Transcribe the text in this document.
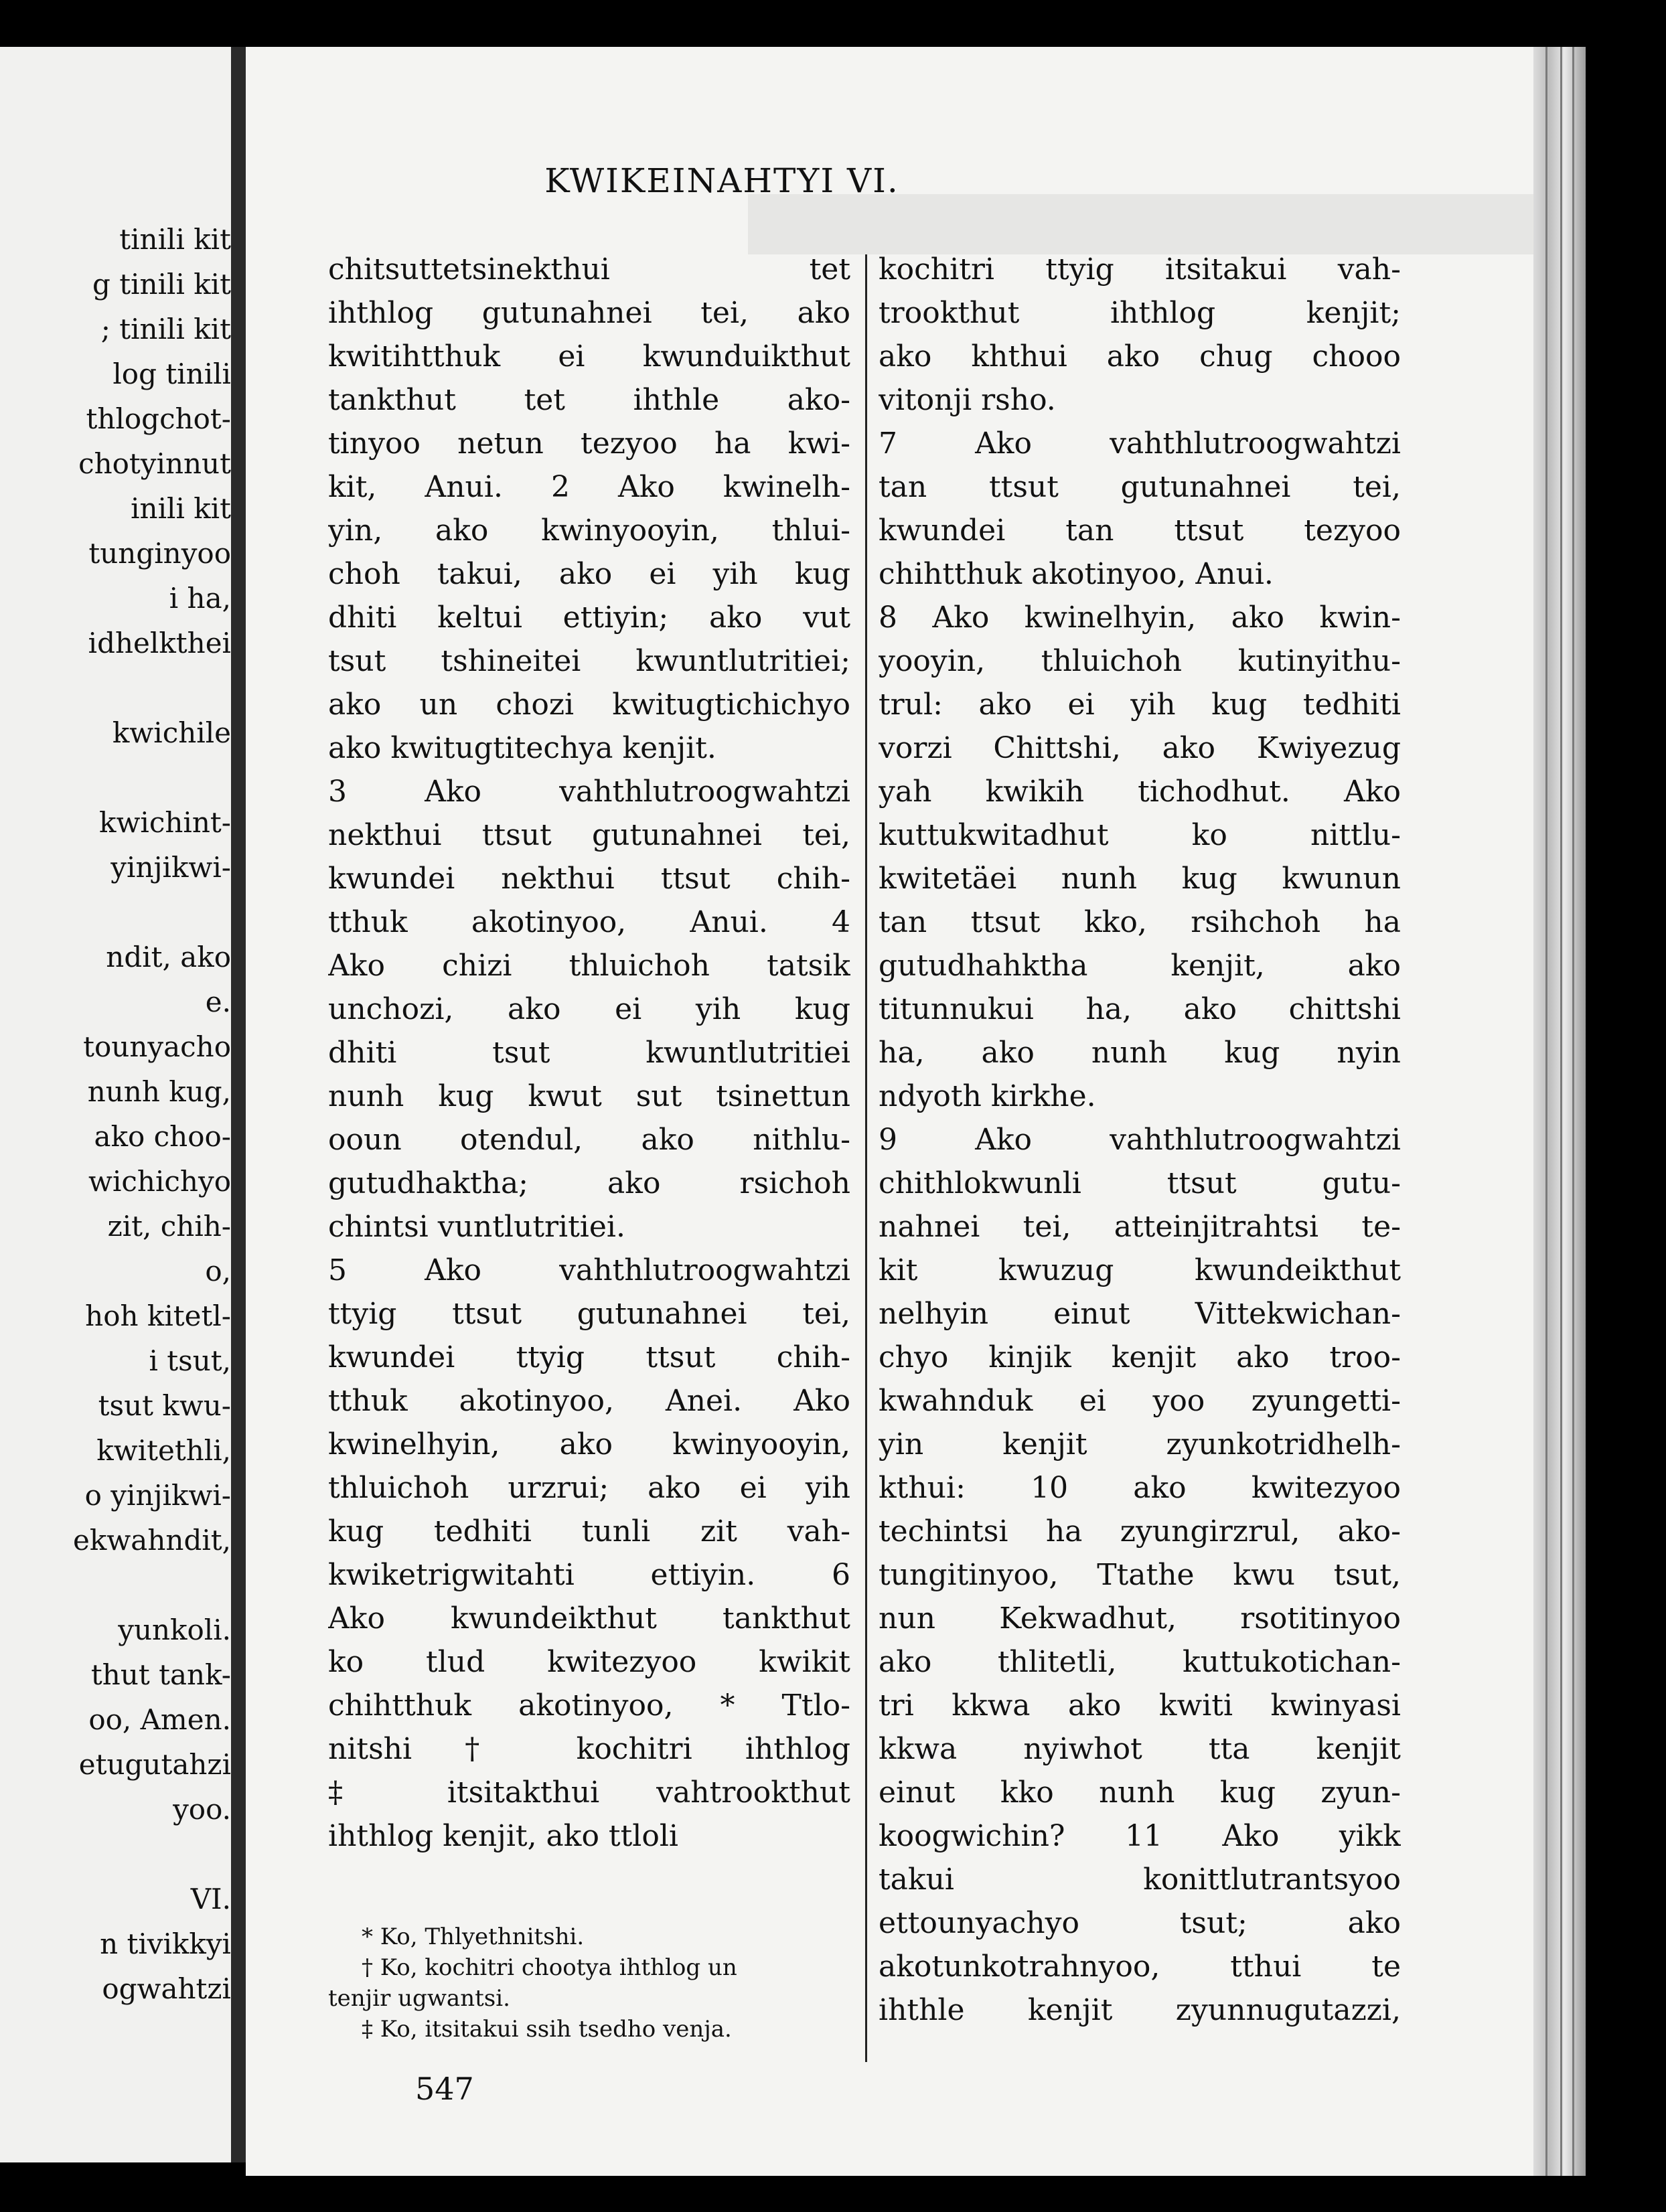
tinili kit
g tinili kit
; tinili kit
log tinili
thlogchot-
chotyinnut
inili kit
tunginyoo
i ha,
idhelkthei
kwichile
kwichint-
yinjikwi-
ndit, ako
e.
tounyacho
nunh kug,
ako choo-
wichichyo
zit, chih-
o,
hoh kitetl-
i tsut,
tsut kwu-
kwitethli,
o yinjikwi-
ekwahndit,
yunkoli.
thut tank-
oo, Amen.
etugutahzi
yoo.
VI.
n tivikkyi
ogwahtzi
KWIKEINAHTYI VI.
chitsuttetsinekthui tet
ihthlog gutunahnei tei, ako
kwitihtthuk ei kwunduikthut
tankthut tet ihthle ako-
tinyoo netun tezyoo ha kwi-
kit, Anui. 2 Ako kwinelh-
yin, ako kwinyooyin, thlui-
choh takui, ako ei yih kug
dhiti keltui ettiyin; ako vut
tsut tshineitei kwuntlutritiei;
ako un chozi kwitugtichichyo
ako kwitugtitechya kenjit.
3 Ako vahthlutroogwahtzi
nekthui ttsut gutunahnei tei,
kwundei nekthui ttsut chih-
tthuk akotinyoo, Anui. 4
Ako chizi thluichoh tatsik
unchozi, ako ei yih kug
dhiti tsut kwuntlutritiei
nunh kug kwut sut tsinettun
ooun otendul, ako nithlu-
gutudhaktha; ako rsichoh
chintsi vuntlutritiei.
5 Ako vahthlutroogwahtzi
ttyig ttsut gutunahnei tei,
kwundei ttyig ttsut chih-
tthuk akotinyoo, Anei. Ako
kwinelhyin, ako kwinyooyin,
thluichoh urzrui; ako ei yih
kug tedhiti tunli zit vah-
kwiketrigwitahti ettiyin. 6
Ako kwundeikthut tankthut
ko tlud kwitezyoo kwikit
chihtthuk akotinyoo, * Ttlo-
nitshi † kochitri ihthlog
‡ itsitakthui vahtrookthut
ihthlog kenjit, ako ttloli
kochitri ttyig itsitakui vah-
trookthut ihthlog kenjit;
ako khthui ako chug chooo
vitonji rsho.
7 Ako vahthlutroogwahtzi
tan ttsut gutunahnei tei,
kwundei tan ttsut tezyoo
chihtthuk akotinyoo, Anui.
8 Ako kwinelhyin, ako kwin-
yooyin, thluichoh kutinyithu-
trul: ako ei yih kug tedhiti
vorzi Chittshi, ako Kwiyezug
yah kwikih tichodhut. Ako
kuttukwitadhut ko nittlu-
kwitetäei nunh kug kwunun
tan ttsut kko, rsihchoh ha
gutudhahktha kenjit, ako
titunnukui ha, ako chittshi
ha, ako nunh kug nyin
ndyoth kirkhe.
9 Ako vahthlutroogwahtzi
chithlokwunli ttsut gutu-
nahnei tei, atteinjitrahtsi te-
kit kwuzug kwundeikthut
nelhyin einut Vittekwichan-
chyo kinjik kenjit ako troo-
kwahnduk ei yoo zyungetti-
yin kenjit zyunkotridhelh-
kthui: 10 ako kwitezyoo
techintsi ha zyungirzrul, ako-
tungitinyoo, Ttathe kwu tsut,
nun Kekwadhut, rsotitinyoo
ako thlitetli, kuttukotichan-
tri kkwa ako kwiti kwinyasi
kkwa nyiwhot tta kenjit
einut kko nunh kug zyun-
koogwichin? 11 Ako yikk
takui konittlutrantsyoo
ettounyachyo tsut; ako
akotunkotrahnyoo, tthui te
ihthle kenjit zyunnugutazzi,
* Ko, Thlyethnitshi.
† Ko, kochitri chootya ihthlog un
tenjir ugwantsi.
‡ Ko, itsitakui ssih tsedho venja.
547
